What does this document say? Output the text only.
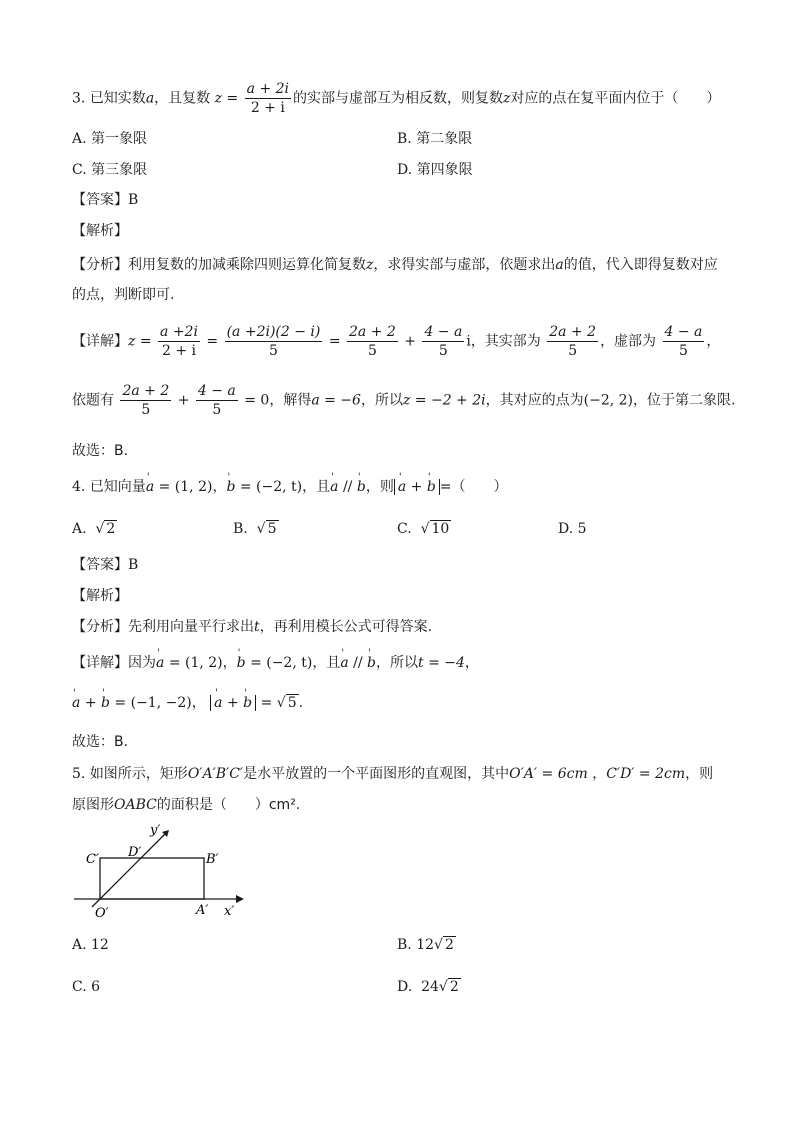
3. 已知实数a，且复数 $z = \frac{a + 2i}{2 + i}$ 的实部与虚部互为相反数，则复数z对应的点在复平面内位于（　　）
A. 第一象限	B. 第二象限
C. 第三象限	D. 第四象限
【答案】B
【解析】
【分析】利用复数的加减乘除四则运算化简复数z，求得实部与虚部，依题求出a的值，代入即得复数对应
的点，判断即可.
【详解】$z = \frac{a +2i}{2 + i} = \frac{(a +2i)(2 - i)}{5} = \frac{2a + 2}{5} + \frac{4 - a}{5}$ i，其实部为 $\frac{2a + 2}{5}$ ，虚部为 $\frac{4 - a}{5}$ ，
依题有 $\frac{2a + 2}{5} + \frac{4 - a}{5} = 0$，解得a = −6，所以z = −2 + 2i，其对应的点为(−2, 2)，位于第二象限.
故选：B.
4. 已知向量' a = (1, 2)，' b = (−2, t)，且' a // ' b，则 ' a + ' b =（　　）
A. √ 2	B. √ 5	C. √ 10	D. 5
【答案】B
【解析】
【分析】先利用向量平行求出t，再利用模长公式可得答案.
【详解】因为' a = (1, 2)，' b = (−2, t)，且' a // ' b，所以t = −4，
' a + ' b = (−1, −2)， ' a + ' b = √ 5 .
故选：B.
5. 如图所示，矩形O′A′B′C′是水平放置的一个平面图形的直观图，其中O′A′ = 6cm ，C′D′ = 2cm，则
原图形OABC的面积是（　　）cm².
y′
D′
C′	B′
O′	A′ x′
A. 12	B. 12√ 2
C. 6	D. 24√ 2
